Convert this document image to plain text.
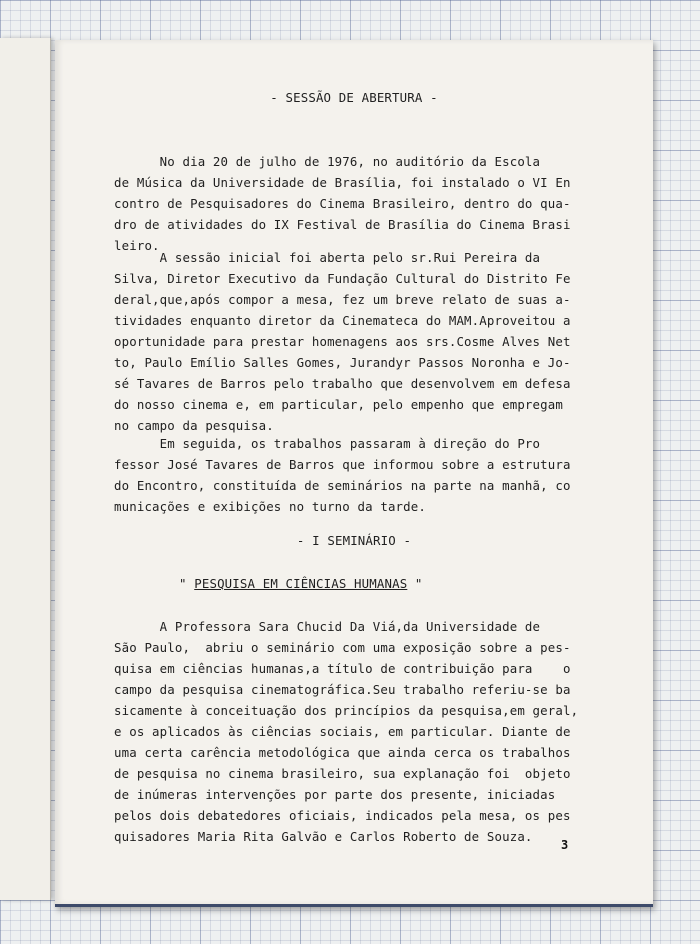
- SESSÃO DE ABERTURA -
No dia 20 de julho de 1976, no auditório da Escola
de Música da Universidade de Brasília, foi instalado o VI En
contro de Pesquisadores do Cinema Brasileiro, dentro do qua-
dro de atividades do IX Festival de Brasília do Cinema Brasi
leiro.
A sessão inicial foi aberta pelo sr.Rui Pereira da
Silva, Diretor Executivo da Fundação Cultural do Distrito Fe
deral,que,após compor a mesa, fez um breve relato de suas a-
tividades enquanto diretor da Cinemateca do MAM.Aproveitou a
oportunidade para prestar homenagens aos srs.Cosme Alves Net
to, Paulo Emílio Salles Gomes, Jurandyr Passos Noronha e Jo-
sé Tavares de Barros pelo trabalho que desenvolvem em defesa
do nosso cinema e, em particular, pelo empenho que empregam
no campo da pesquisa.
Em seguida, os trabalhos passaram à direção do Pro
fessor José Tavares de Barros que informou sobre a estrutura
do Encontro, constituída de seminários na parte na manhã, co
municações e exibições no turno da tarde.
- I SEMINÁRIO -
" PESQUISA EM CIÊNCIAS HUMANAS "
A Professora Sara Chucid Da Viá,da Universidade de
São Paulo,  abriu o seminário com uma exposição sobre a pes-
quisa em ciências humanas,a título de contribuição para    o
campo da pesquisa cinematográfica.Seu trabalho referiu-se ba
sicamente à conceituação dos princípios da pesquisa,em geral,
e os aplicados às ciências sociais, em particular. Diante de
uma certa carência metodológica que ainda cerca os trabalhos
de pesquisa no cinema brasileiro, sua explanação foi  objeto
de inúmeras intervenções por parte dos presente, iniciadas
pelos dois debatedores oficiais, indicados pela mesa, os pes
quisadores Maria Rita Galvão e Carlos Roberto de Souza.
3
